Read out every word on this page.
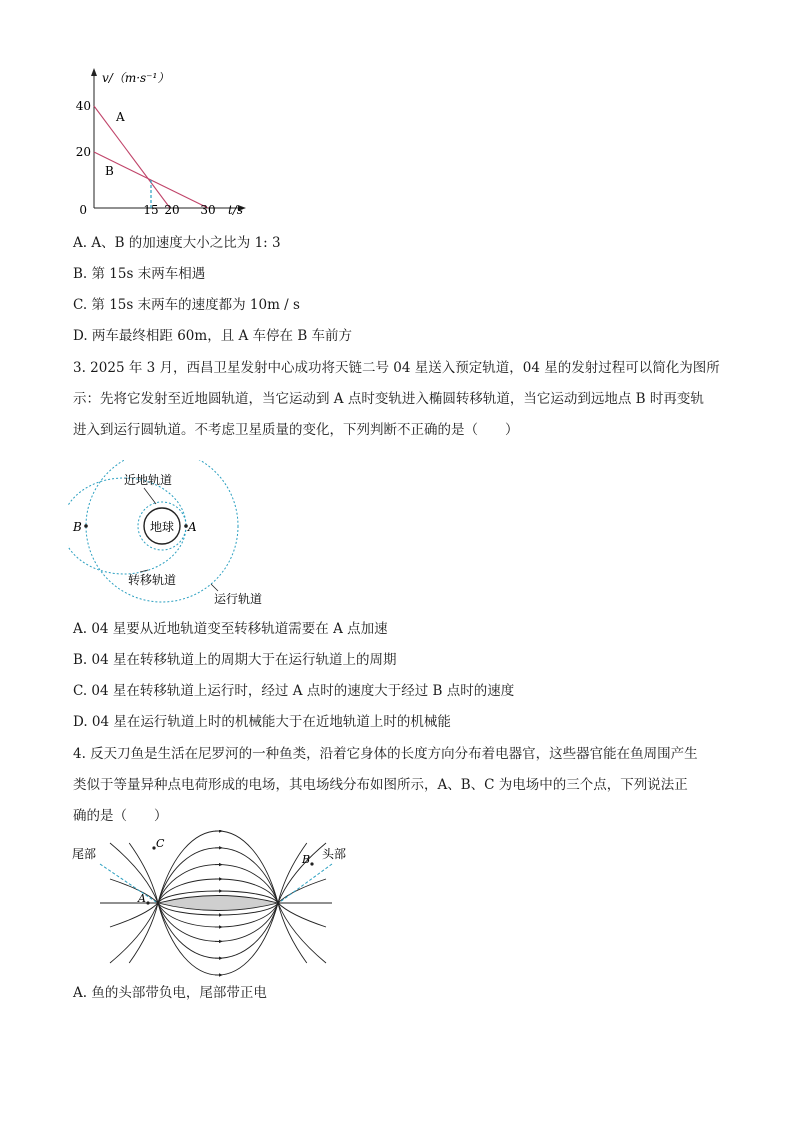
v/（m·s⁻¹）
t/s
0
40
20
15 20 30
A
B
A. A、B 的加速度大小之比为 1: 3
B. 第 15s 末两车相遇
C. 第 15s 末两车的速度都为 10m / s
D. 两车最终相距 60m，且 A 车停在 B 车前方
3. 2025 年 3 月，西昌卫星发射中心成功将天链二号 04 星送入预定轨道，04 星的发射过程可以简化为图所
示：先将它发射至近地圆轨道，当它运动到 A 点时变轨进入椭圆转移轨道，当它运动到远地点 B 时再变轨
进入到运行圆轨道。不考虑卫星质量的变化，下列判断不正确的是（　　）
地球 A
B
近地轨道
转移轨道
运行轨道
A. 04 星要从近地轨道变至转移轨道需要在 A 点加速
B. 04 星在转移轨道上的周期大于在运行轨道上的周期
C. 04 星在转移轨道上运行时，经过 A 点时的速度大于经过 B 点时的速度
D. 04 星在运行轨道上时的机械能大于在近地轨道上时的机械能
4. 反天刀鱼是生活在尼罗河的一种鱼类，沿着它身体的长度方向分布着电器官，这些器官能在鱼周围产生
类似于等量异种点电荷形成的电场，其电场线分布如图所示，A、B、C 为电场中的三个点，下列说法正
确的是（　　）
尾部	头部
C
B
A
A. 鱼的头部带负电，尾部带正电
